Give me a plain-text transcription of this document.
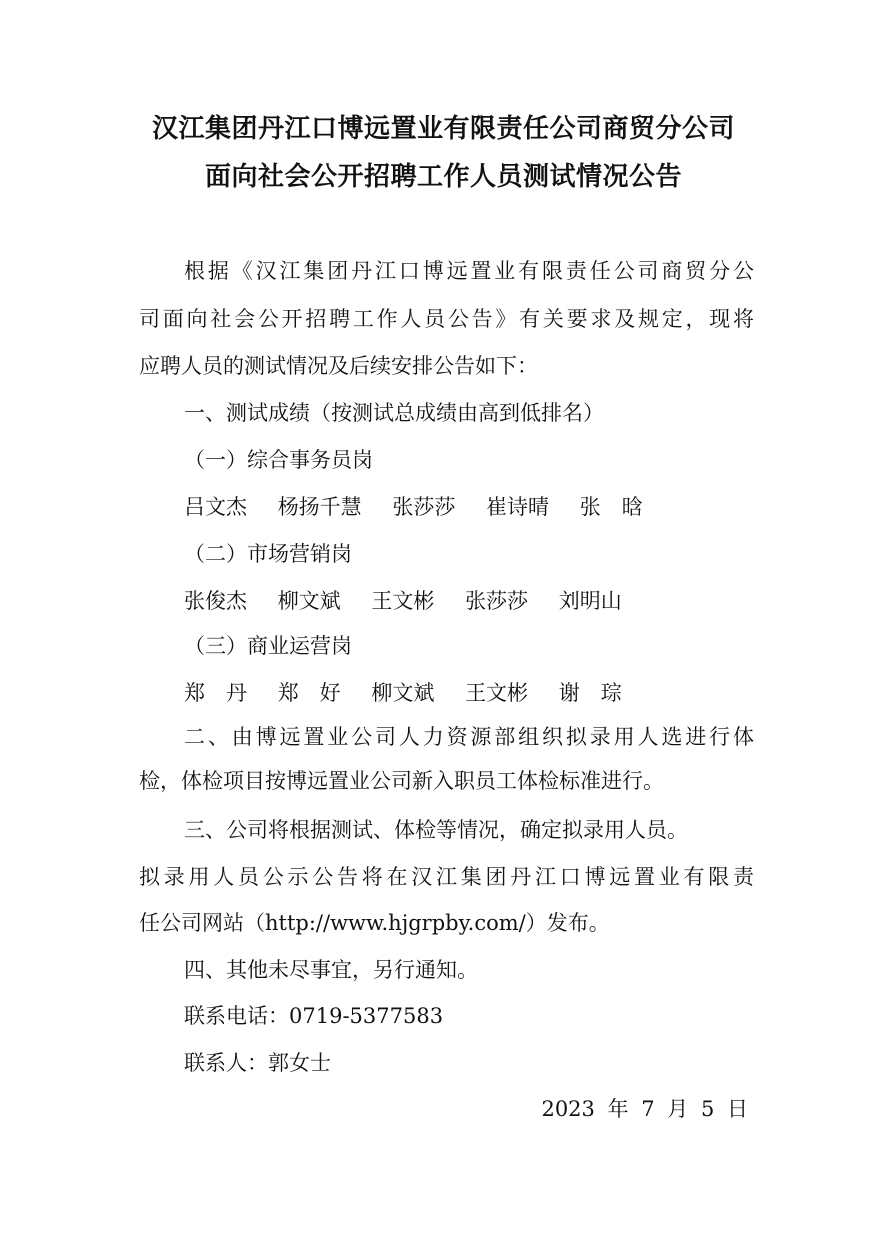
汉江集团丹江口博远置业有限责任公司商贸分公司
面向社会公开招聘工作人员测试情况公告
根据《汉江集团丹江口博远置业有限责任公司商贸分公
司面向社会公开招聘工作人员公告》有关要求及规定，现将
应聘人员的测试情况及后续安排公告如下：
一、测试成绩（按测试总成绩由高到低排名）
（一）综合事务员岗
吕文杰 杨扬千慧 张莎莎 崔诗晴 张晗
（二）市场营销岗
张俊杰 柳文斌 王文彬 张莎莎 刘明山
（三）商业运营岗
郑丹 郑好 柳文斌 王文彬 谢琮
二、由博远置业公司人力资源部组织拟录用人选进行体
检，体检项目按博远置业公司新入职员工体检标准进行。
三、公司将根据测试、体检等情况，确定拟录用人员。
拟录用人员公示公告将在汉江集团丹江口博远置业有限责
任公司网站（http://www.hjgrpby.com/）发布。
四、其他未尽事宜，另行通知。
联系电话：0719-5377583
联系人：郭女士
2023 年 7 月 5 日
